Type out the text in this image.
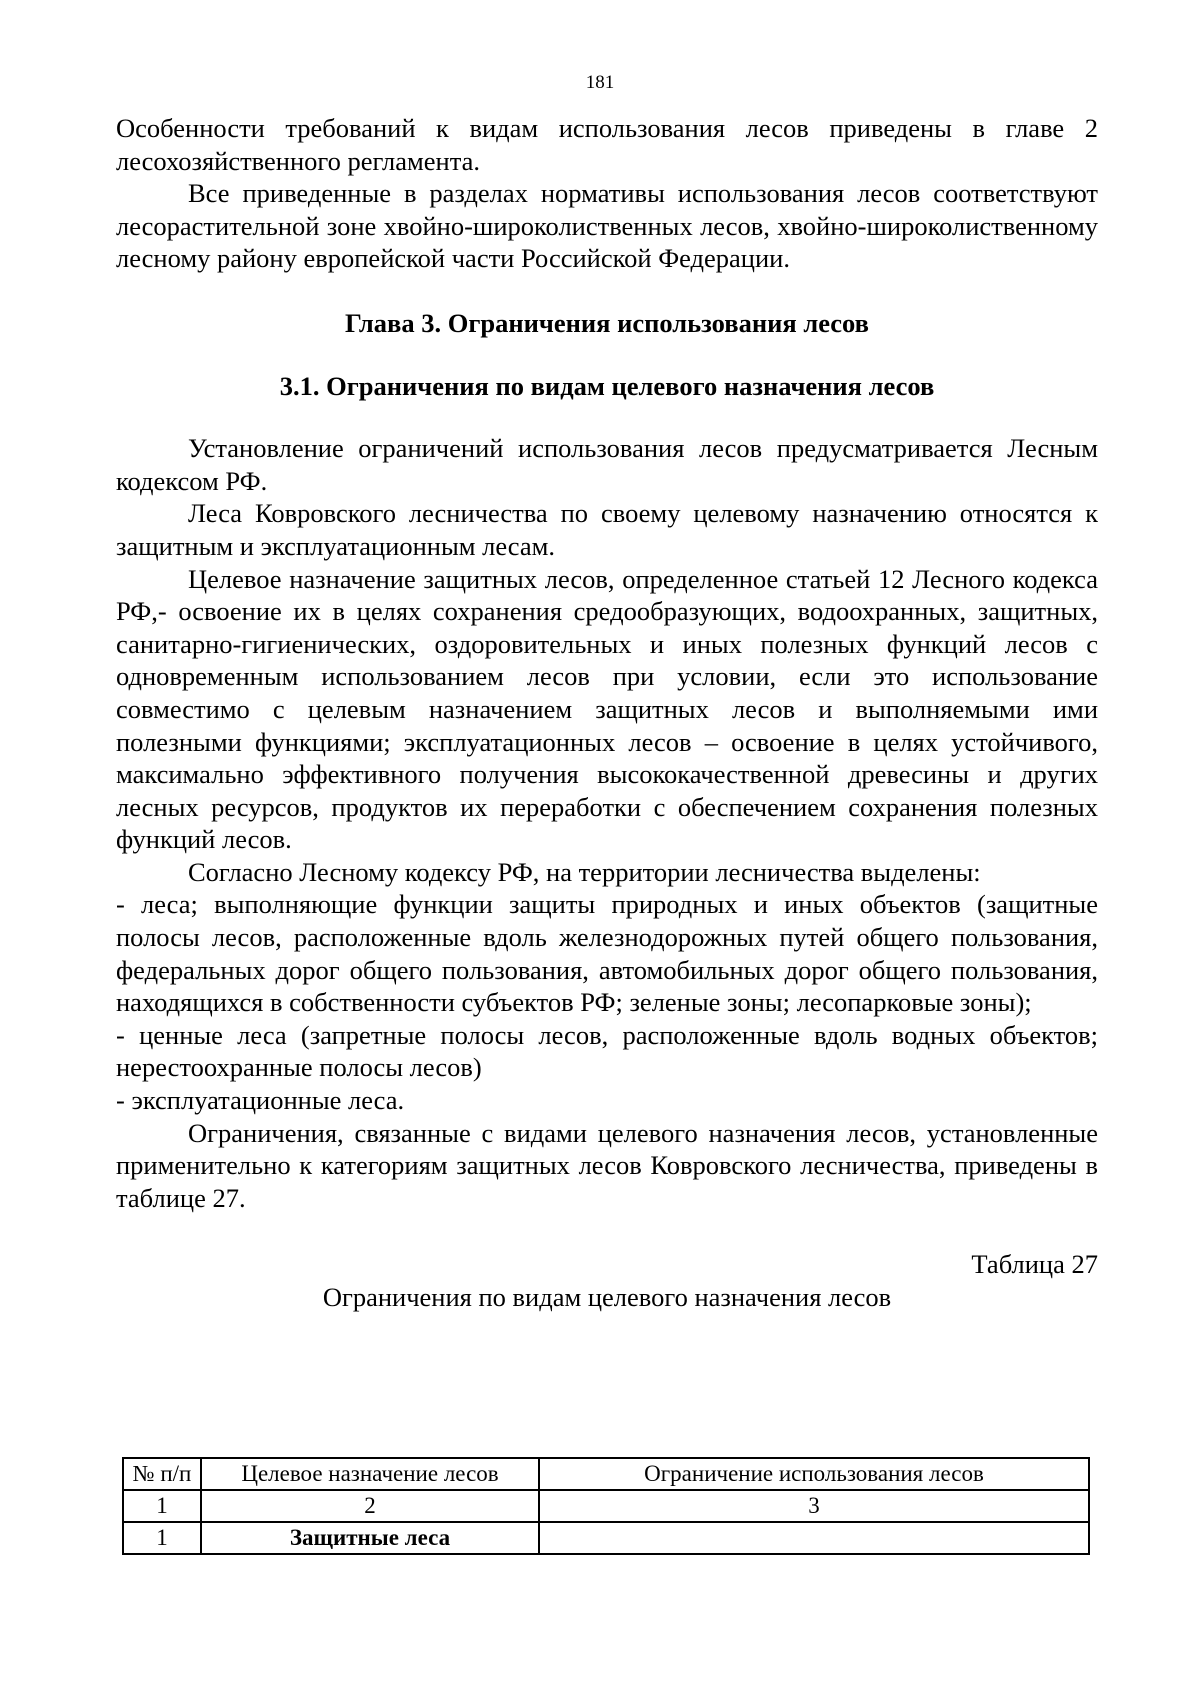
181

Особенности требований к видам использования лесов приведены в главе 2 лесохозяйственного регламента.

Все приведенные в разделах нормативы использования лесов соответствуют лесорастительной зоне хвойно-широколиственных лесов, хвойно-широколиственному лесному району европейской части Российской Федерации.

Глава 3. Ограничения использования лесов
3.1. Ограничения по видам целевого назначения лесов

Установление ограничений использования лесов предусматривается Лесным кодексом РФ.

Леса Ковровского лесничества по своему целевому назначению относятся к защитным и эксплуатационным лесам.

Целевое назначение защитных лесов, определенное статьей 12 Лесного кодекса РФ,- освоение их в целях сохранения средообразующих, водоохранных, защитных, санитарно-гигиенических, оздоровительных и иных полезных функций лесов с одновременным использованием лесов при условии, если это использование совместимо с целевым назначением защитных лесов и выполняемыми ими полезными функциями; эксплуатационных лесов – освоение в целях устойчивого, максимально эффективного получения высококачественной древесины и других лесных ресурсов, продуктов их переработки с обеспечением сохранения полезных функций лесов.

Согласно Лесному кодексу РФ, на территории лесничества выделены:

- леса; выполняющие функции защиты природных и иных объектов (защитные полосы лесов, расположенные вдоль железнодорожных путей общего пользования, федеральных дорог общего пользования, автомобильных дорог общего пользования, находящихся в собственности субъектов РФ; зеленые зоны; лесопарковые зоны);

- ценные леса (запретные полосы лесов, расположенные вдоль водных объектов; нерестоохранные полосы лесов)

- эксплуатационные леса.

Ограничения, связанные с видами целевого назначения лесов, установленные применительно к категориям защитных лесов Ковровского лесничества, приведены в таблице 27.

Таблица 27
Ограничения по видам целевого назначения лесов
№ п/п	Целевое назначение лесов	Ограничение использования лесов
1	2	3
1	Защитные леса	
